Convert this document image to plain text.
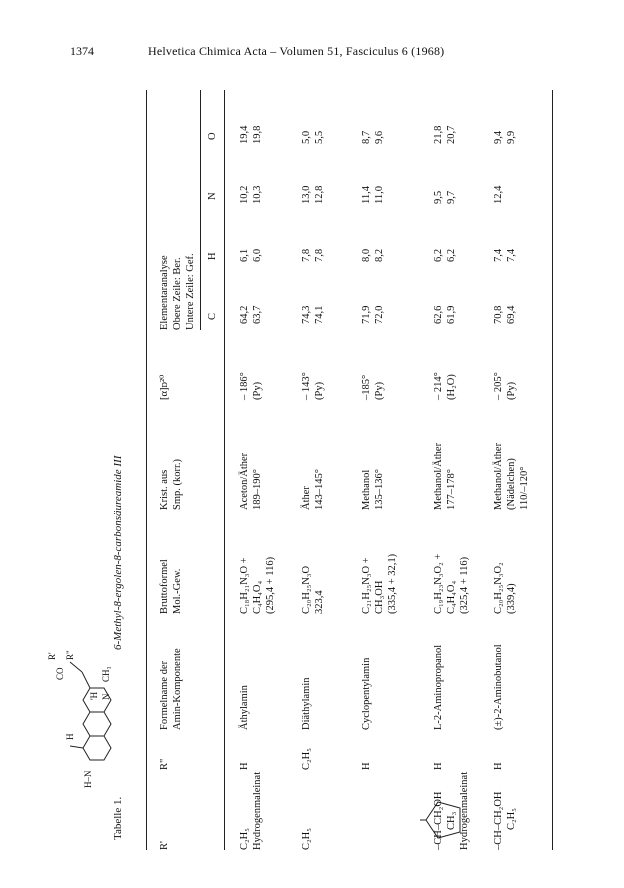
1374	Helvetica Chimica Acta – Volumen 51, Fasciculus 6 (1968)
Tabelle 1.
6-Methyl-8-ergolen-8-carbonsäureamide III
H–N
H
CO
R' R"
N
CH₃
'H
R'
R"
Formelname der Amin-Komponente
Bruttoformel Mol.-Gew.
Krist. aus Smp. (korr.)
[α]ᴅ²⁰
Elementaranalyse Obere Zeile: Ber. Untere Zeile: Gef. C
H
N
O
C₂H₅ Hydrogenmaleinat
H
Äthylamin
C₁₈H₂₁N₃O + C₄H₄O₄ (295,4 + 116)
Aceton/Äther 189–190°
– 186° (Py)
64,2 63,7
6,1 6,0
10,2 10,3
19,4 19,8
C₂H₅
C₂H₅
Diäthylamin
C₂₀H₂₅N₃O 323,4
Äther 143–145°
– 143° (Py)
74,3 74,1
7,8 7,8
13,0 12,8
5,0 5,5
H
Cyclopentylamin
C₂₁H₂₅N₃O + CH₃OH (335,4 + 32,1)
Methanol 135–136°
–185° (Py)
71,9 72,0
8,0 8,2
11,4 11,0
8,7 9,6
–CH–CH₂OH CH₃ Hydrogenmaleinat
H
L-2-Aminopropanol
C₁₉H₂₃N₃O₂ + C₄H₄O₄ (325,4 + 116)
Methanol/Äther 177–178°
– 214° (H₂O)
62,6 61,9
6,2 6,2
9,5 9,7
21,8 20,7
–CH–CH₂OH C₂H₅
H
(±)-2-Aminobutanol
C₂₀H₂₅N₃O₂ (339,4)
Methanol/Äther (Nädelchen) 110/–120°
– 205° (Py)
70,8 69,4
7,4 7,4
12,4
9,4 9,9
